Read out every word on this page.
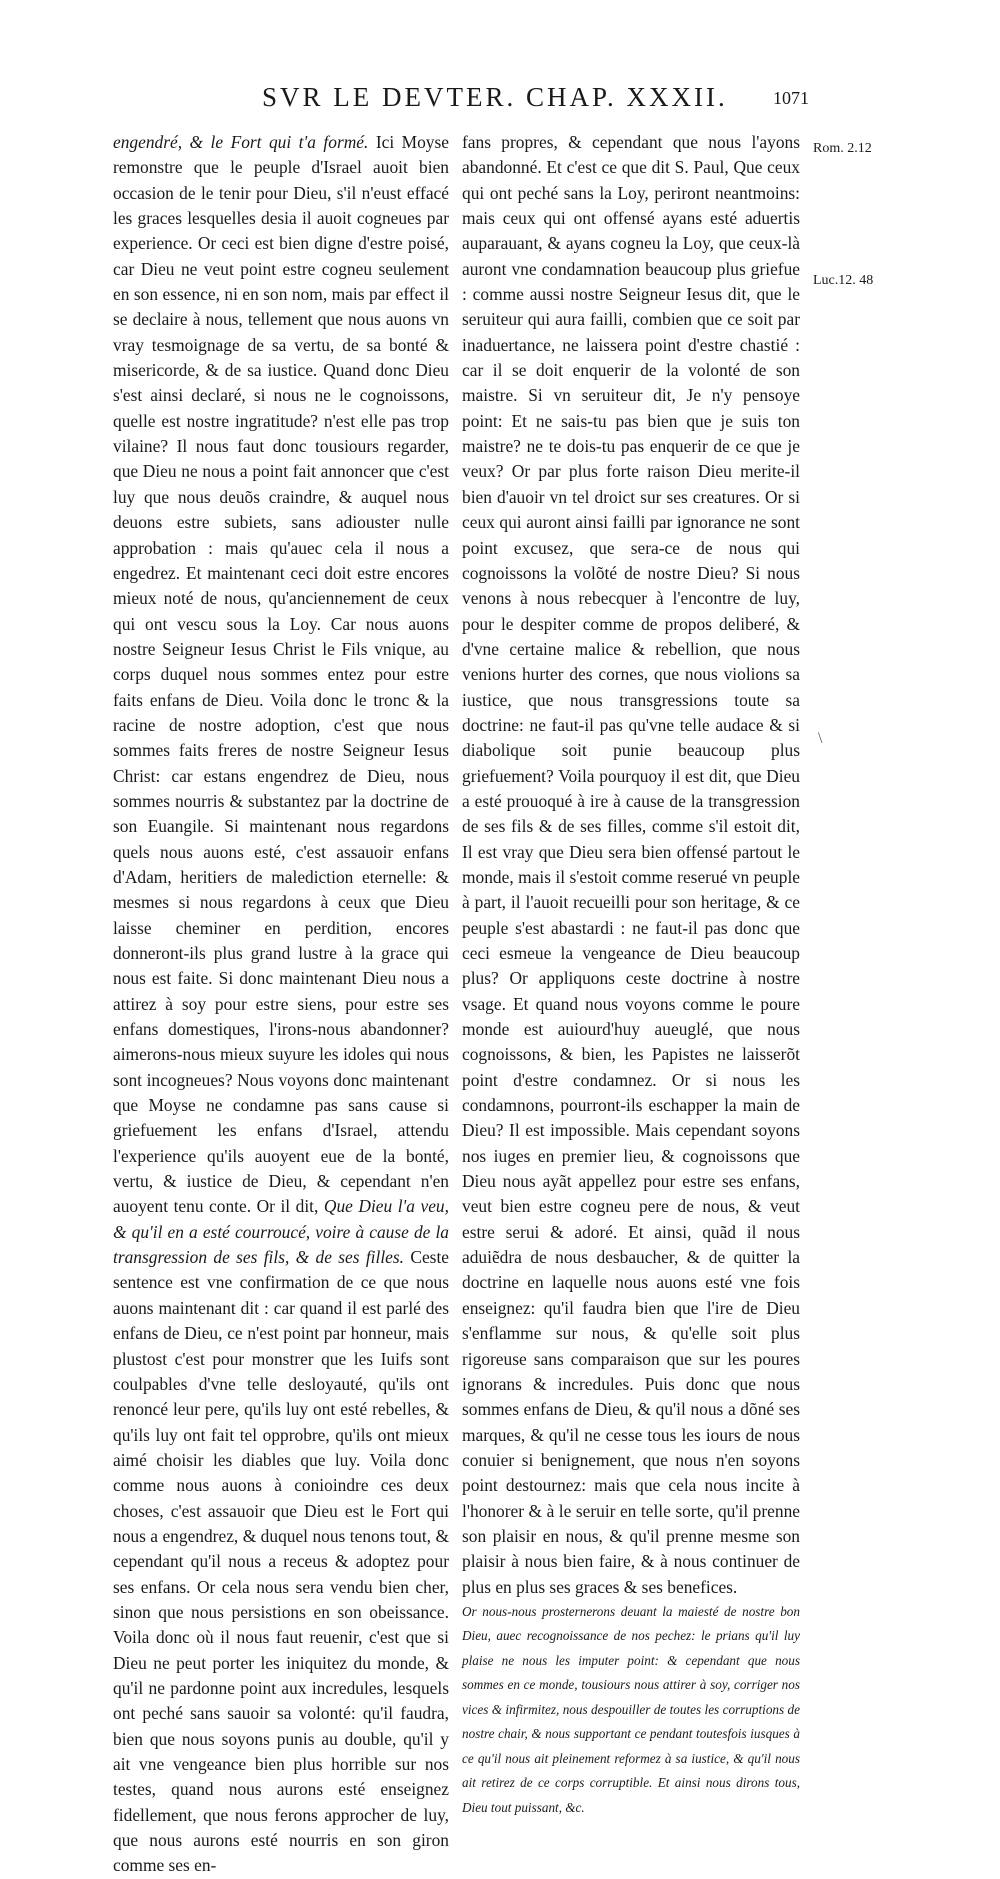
SVR LE DEVTER. CHAP. XXXII.	1071
Rom. 2.12
Luc.12. 48

engendré, & le Fort qui t'a formé. Ici Moyse remonstre que le peuple d'Israel auoit bien occasion de le tenir pour Dieu, s'il n'eust effacé les graces lesquelles desia il auoit cogneues par experience. Or ceci est bien digne d'estre poisé, car Dieu ne veut point estre cogneu seulement en son essence, ni en son nom, mais par effect il se declaire à nous, tellement que nous auons vn vray tesmoignage de sa vertu, de sa bonté & misericorde, & de sa iustice. Quand donc Dieu s'est ainsi declaré, si nous ne le cognoissons, quelle est nostre ingratitude? n'est elle pas trop vilaine? Il nous faut donc tousiours regarder, que Dieu ne nous a point fait annoncer que c'est luy que nous deuõs craindre, & auquel nous deuons estre subiets, sans adiouster nulle approbation : mais qu'auec cela il nous a engedrez. Et maintenant ceci doit estre encores mieux noté de nous, qu'anciennement de ceux qui ont vescu sous la Loy. Car nous auons nostre Seigneur Iesus Christ le Fils vnique, au corps duquel nous sommes entez pour estre faits enfans de Dieu. Voila donc le tronc & la racine de nostre adoption, c'est que nous sommes faits freres de nostre Seigneur Iesus Christ: car estans engendrez de Dieu, nous sommes nourris & substantez par la doctrine de son Euangile. Si maintenant nous regardons quels nous auons esté, c'est assauoir enfans d'Adam, heritiers de malediction eternelle: & mesmes si nous regardons à ceux que Dieu laisse cheminer en perdition, encores donneront-ils plus grand lustre à la grace qui nous est faite. Si donc maintenant Dieu nous a attirez à soy pour estre siens, pour estre ses enfans domestiques, l'irons-nous abandonner? aimerons-nous mieux suyure les idoles qui nous sont incogneues? Nous voyons donc maintenant que Moyse ne condamne pas sans cause si griefuement les enfans d'Israel, attendu l'experience qu'ils auoyent eue de la bonté, vertu, & iustice de Dieu, & cependant n'en auoyent tenu conte. Or il dit, Que Dieu l'a veu, & qu'il en a esté courroucé, voire à cause de la transgression de ses fils, & de ses filles. Ceste sentence est vne confirmation de ce que nous auons maintenant dit : car quand il est parlé des enfans de Dieu, ce n'est point par honneur, mais plustost c'est pour monstrer que les Iuifs sont coulpables d'vne telle desloyauté, qu'ils ont renoncé leur pere, qu'ils luy ont esté rebelles, & qu'ils luy ont fait tel opprobre, qu'ils ont mieux aimé choisir les diables que luy. Voila donc comme nous auons à conioindre ces deux choses, c'est assauoir que Dieu est le Fort qui nous a engendrez, & duquel nous tenons tout, & cependant qu'il nous a receus & adoptez pour ses enfans. Or cela nous sera vendu bien cher, sinon que nous persistions en son obeissance. Voila donc où il nous faut reuenir, c'est que si Dieu ne peut porter les iniquitez du monde, & qu'il ne pardonne point aux incredules, lesquels ont peché sans sauoir sa volonté: qu'il faudra, bien que nous soyons punis au double, qu'il y ait vne vengeance bien plus horrible sur nos testes, quand nous aurons esté enseignez fidellement, que nous ferons approcher de luy, que nous aurons esté nourris en son giron comme ses en-

fans propres, & cependant que nous l'ayons abandonné. Et c'est ce que dit S. Paul, Que ceux qui ont peché sans la Loy, periront neantmoins: mais ceux qui ont offensé ayans esté aduertis auparauant, & ayans cogneu la Loy, que ceux-là auront vne condamnation beaucoup plus griefue : comme aussi nostre Seigneur Iesus dit, que le seruiteur qui aura failli, combien que ce soit par inaduertance, ne laissera point d'estre chastié : car il se doit enquerir de la volonté de son maistre. Si vn seruiteur dit, Je n'y pensoye point: Et ne sais-tu pas bien que je suis ton maistre? ne te dois-tu pas enquerir de ce que je veux? Or par plus forte raison Dieu merite-il bien d'auoir vn tel droict sur ses creatures. Or si ceux qui auront ainsi failli par ignorance ne sont point excusez, que sera-ce de nous qui cognoissons la volõté de nostre Dieu? Si nous venons à nous rebecquer à l'encontre de luy, pour le despiter comme de propos deliberé, & d'vne certaine malice & rebellion, que nous venions hurter des cornes, que nous violions sa iustice, que nous transgressions toute sa doctrine: ne faut-il pas qu'vne telle audace & si diabolique soit punie beaucoup plus griefuement? Voila pourquoy il est dit, que Dieu a esté prouoqué à ire à cause de la transgression de ses fils & de ses filles, comme s'il estoit dit, Il est vray que Dieu sera bien offensé partout le monde, mais il s'estoit comme reserué vn peuple à part, il l'auoit recueilli pour son heritage, & ce peuple s'est abastardi : ne faut-il pas donc que ceci esmeue la vengeance de Dieu beaucoup plus? Or appliquons ceste doctrine à nostre vsage. Et quand nous voyons comme le poure monde est auiourd'huy aueuglé, que nous cognoissons, & bien, les Papistes ne laisserõt point d'estre condamnez. Or si nous les condamnons, pourront-ils eschapper la main de Dieu? Il est impossible. Mais cependant soyons nos iuges en premier lieu, & cognoissons que Dieu nous ayãt appellez pour estre ses enfans, veut bien estre cogneu pere de nous, & veut estre serui & adoré. Et ainsi, quãd il nous aduiẽdra de nous desbaucher, & de quitter la doctrine en laquelle nous auons esté vne fois enseignez: qu'il faudra bien que l'ire de Dieu s'enflamme sur nous, & qu'elle soit plus rigoreuse sans comparaison que sur les poures ignorans & incredules. Puis donc que nous sommes enfans de Dieu, & qu'il nous a dõné ses marques, & qu'il ne cesse tous les iours de nous conuier si benignement, que nous n'en soyons point destournez: mais que cela nous incite à l'honorer & à le seruir en telle sorte, qu'il prenne son plaisir en nous, & qu'il prenne mesme son plaisir à nous bien faire, & à nous continuer de plus en plus ses graces & ses benefices.

Or nous-nous prosternerons deuant la maiesté de nostre bon Dieu, auec recognoissance de nos pechez: le prians qu'il luy plaise ne nous les imputer point: & cependant que nous sommes en ce monde, tousiours nous attirer à soy, corriger nos vices & infirmitez, nous despouiller de toutes les corruptions de nostre chair, & nous supportant ce pendant toutesfois iusques à ce qu'il nous ait pleinement reformez à sa iustice, & qu'il nous ait retirez de ce corps corruptible. Et ainsi nous dirons tous, Dieu tout puissant, &c.

\
